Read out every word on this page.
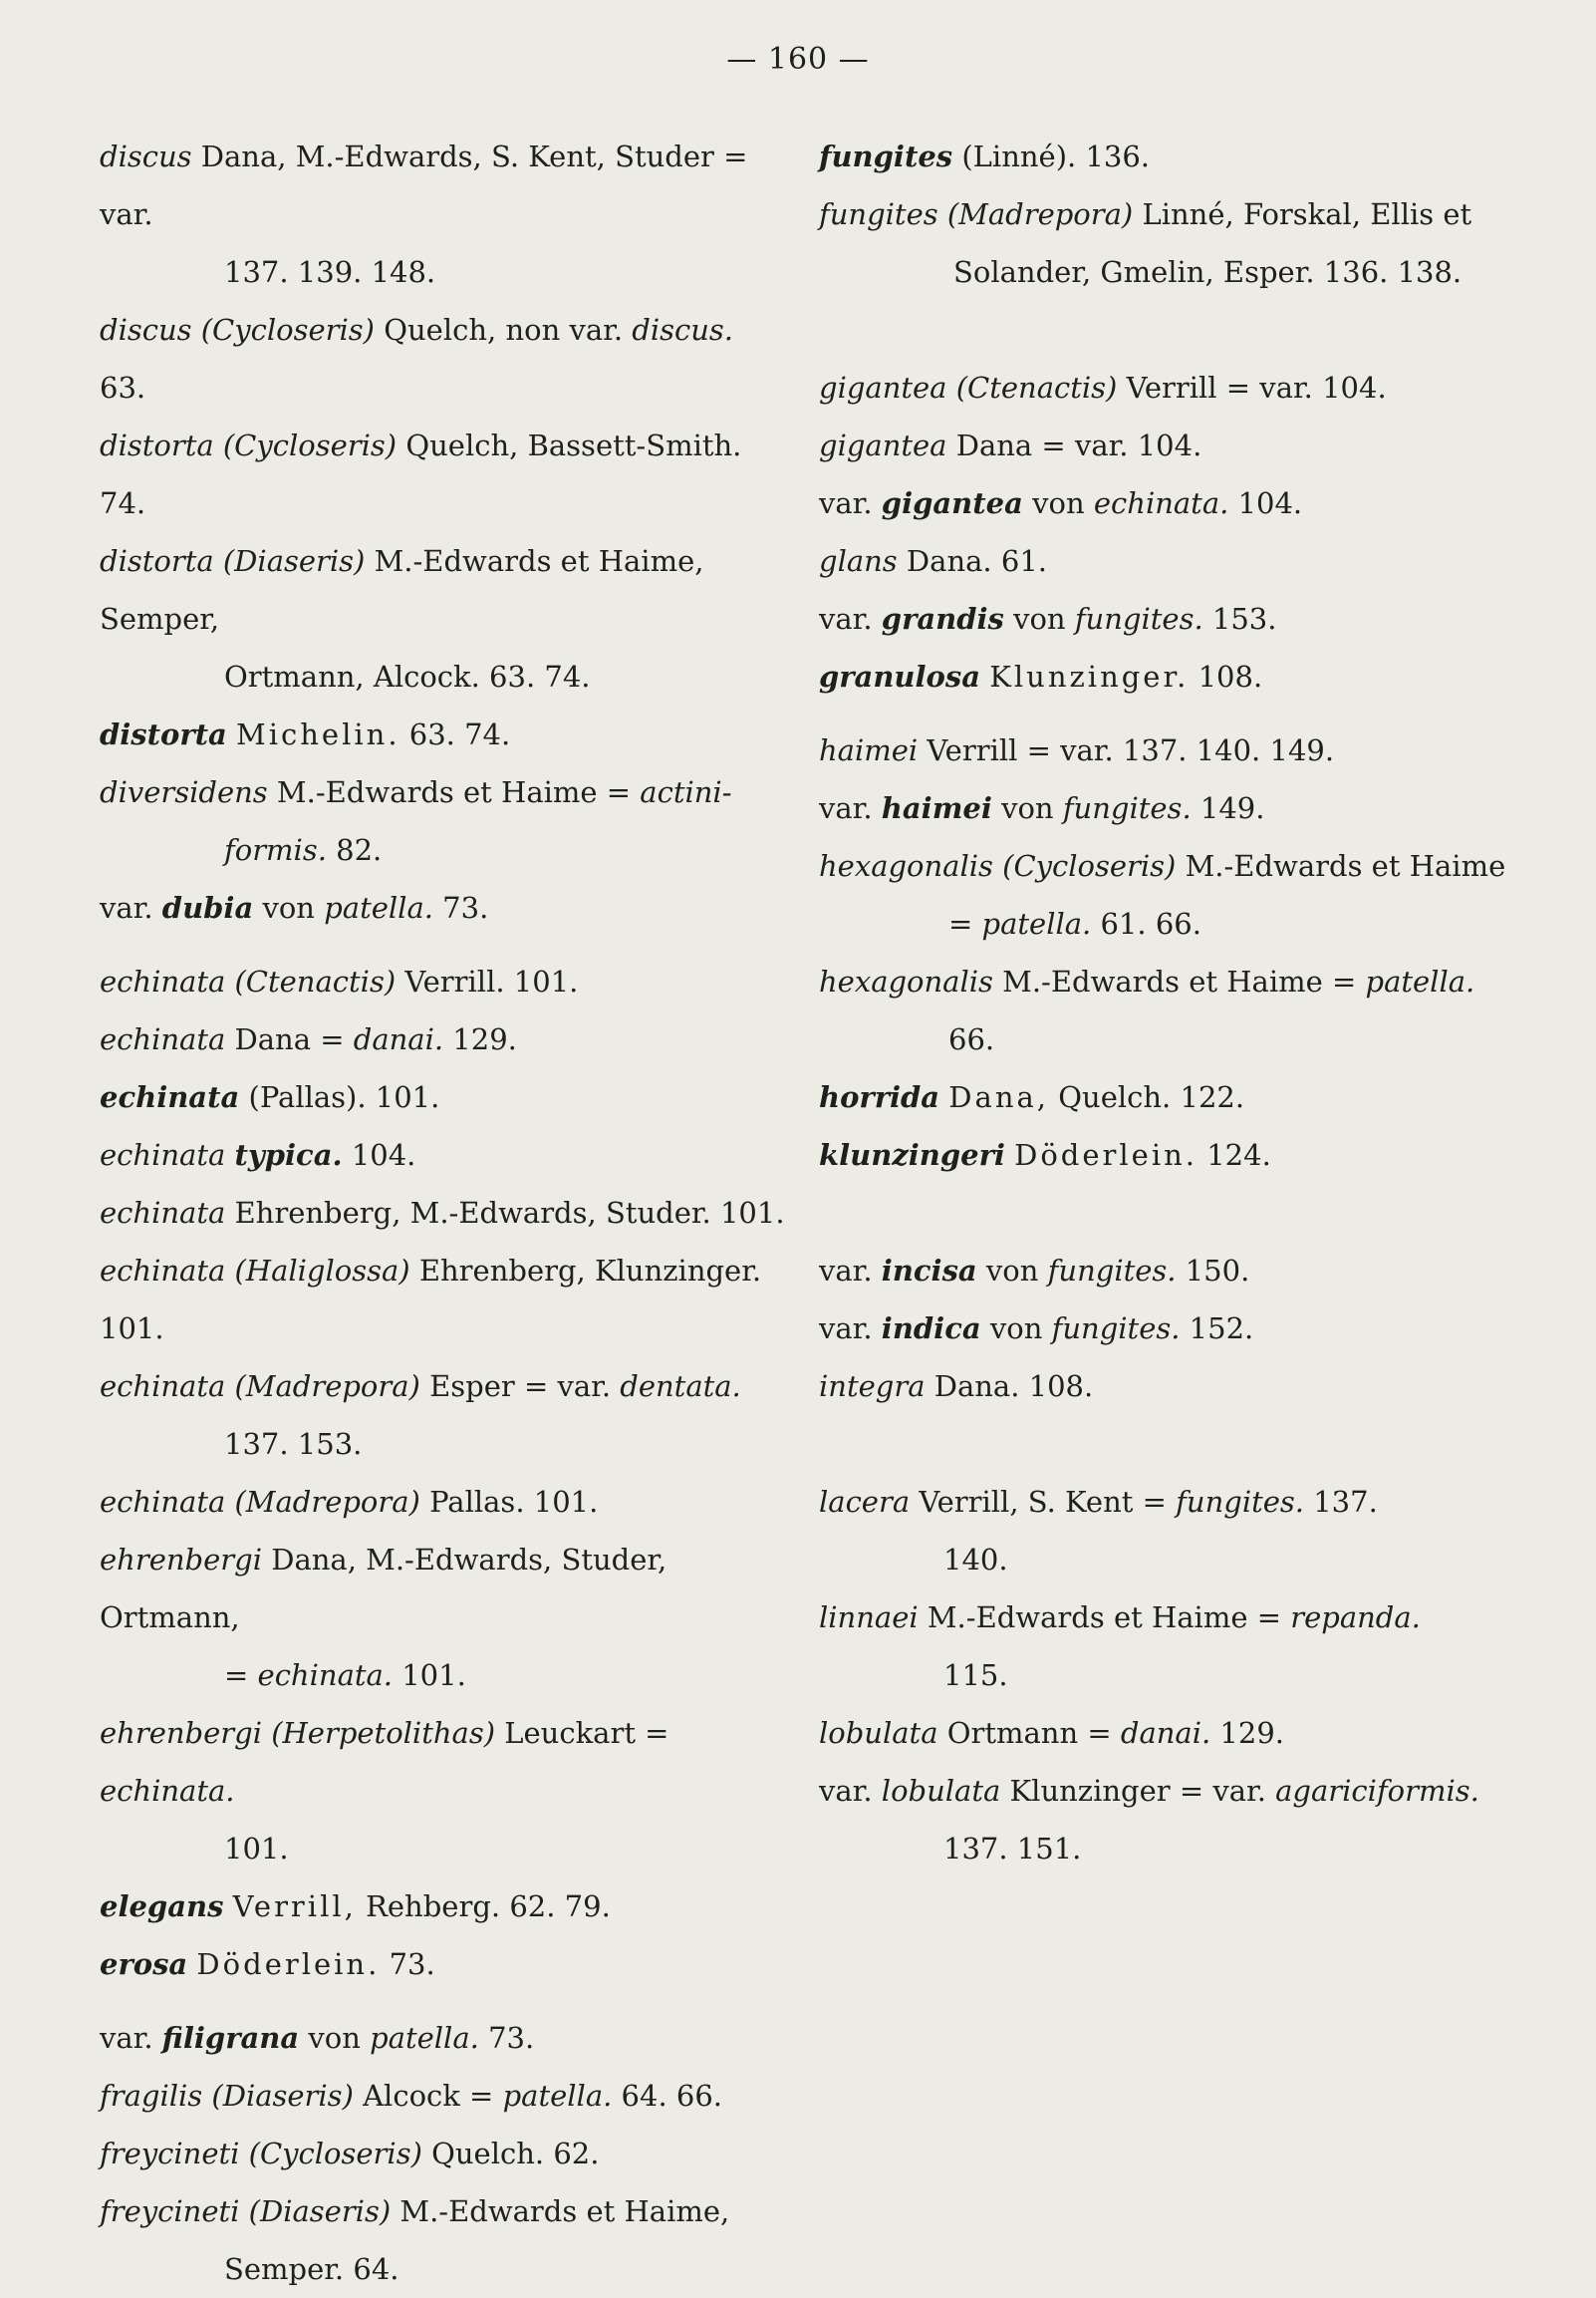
— 160 —

discus Dana, M.-Edwards, S. Kent, Studer = var.

137. 139. 148.

discus (Cycloseris) Quelch, non var. discus. 63.

distorta (Cycloseris) Quelch, Bassett-Smith. 74.

distorta (Diaseris) M.-Edwards et Haime, Semper,

Ortmann, Alcock. 63. 74.

distorta Michelin. 63. 74.

diversidens M.-Edwards et Haime = actini-

formis. 82.

var. dubia von patella. 73.

echinata (Ctenactis) Verrill. 101.

echinata Dana = danai. 129.

echinata (Pallas). 101.

echinata typica. 104.

echinata Ehrenberg, M.-Edwards, Studer. 101.

echinata (Haliglossa) Ehrenberg, Klunzinger.

101.

echinata (Madrepora) Esper = var. dentata.

137. 153.

echinata (Madrepora) Pallas. 101.

ehrenbergi Dana, M.-Edwards, Studer, Ortmann,

= echinata. 101.

ehrenbergi (Herpetolithas) Leuckart = echinata.

101.

elegans Verrill, Rehberg. 62. 79.

erosa Döderlein. 73.

var. filigrana von patella. 73.

fragilis (Diaseris) Alcock = patella. 64. 66.

freycineti (Cycloseris) Quelch. 62.

freycineti (Diaseris) M.-Edwards et Haime,

Semper. 64.

fungites (Linné). 136.

fungites (Madrepora) Linné, Forskal, Ellis et

Solander, Gmelin, Esper. 136. 138.

gigantea (Ctenactis) Verrill = var. 104.

gigantea Dana = var. 104.

var. gigantea von echinata. 104.

glans Dana. 61.

var. grandis von fungites. 153.

granulosa Klunzinger. 108.

haimei Verrill = var. 137. 140. 149.

var. haimei von fungites. 149.

hexagonalis (Cycloseris) M.-Edwards et Haime

= patella. 61. 66.

hexagonalis M.-Edwards et Haime = patella.

66.

horrida Dana, Quelch. 122.

klunzingeri Döderlein. 124.

var. incisa von fungites. 150.

var. indica von fungites. 152.

integra Dana. 108.

lacera Verrill, S. Kent = fungites. 137.

140.

linnaei M.-Edwards et Haime = repanda.

115.

lobulata Ortmann = danai. 129.

var. lobulata Klunzinger = var. agariciformis.

137. 151.
